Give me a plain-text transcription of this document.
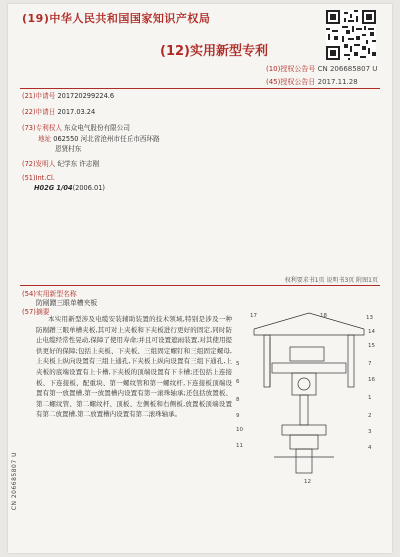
(19)中华人民共和国国家知识产权局
(12)实用新型专利
(10)授权公告号 CN 206685807 U
(45)授权公告日 2017.11.28
(21)申请号 201720299224.6
(22)申请日 2017.03.24
(73)专利权人 东众电气股份有限公司
地址 062550 河北省沧州市任丘市西环路
恩贤村东
(72)发明人 纪学东 许志刚
(51)Int.Cl.
H02G 1/04(2006.01)
权利要求书1页 说明书3页 附图1页
(54)实用新型名称
防剐蹭三眼单槽夹板
(57)摘要
本实用新型涉及电缆安装辅助装置的技术领域,特别是涉及一种防剐蹭三眼单槽夹板,其可对上夹板和下夹板进行更好的固定,同时防止电缆经常性晃动,保障了使用寿命;并且可设置遮雨装置,对其使用提供更好的保障;包括上夹板、下夹板、三组固定螺钉和三组固定螺母,上夹板上纵向设置有三组上通孔,下夹板上纵向设置有三组下通孔,上夹板的底端设置有上卡槽,下夹板的顶端设置有下卡槽;还包括上连接板、下连接板、配重块、第一螺纹管和第一螺纹杆,下连接板顶端设置有第一放置槽,第一放置槽内设置有第一滚珠轴承;还包括放置板、第二螺纹管、第二螺纹杆、顶板、左侧板和右侧板,放置板顶端设置有第二放置槽,第二放置槽内设置有第二滚珠轴承。
CN 206685807 U
17	18	13
14
15
5
6
8
9
10
11
7
16
1
2
3
4
12
